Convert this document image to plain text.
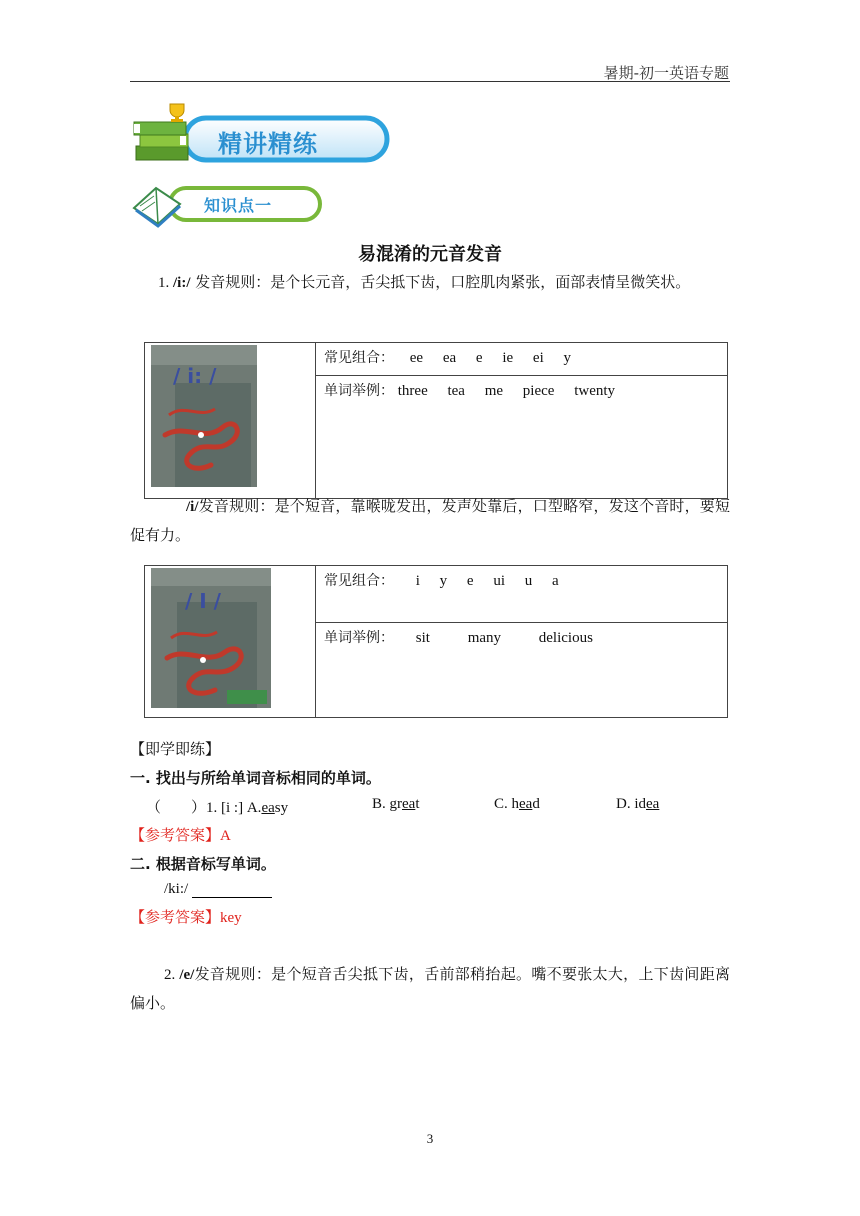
暑期-初一英语专题
精讲精练
知识点一
易混淆的元音发音
1. /i:/ 发音规则：是个长元音，舌尖抵下齿，口腔肌肉紧张，面部表情呈微笑状。
/ i: /
	常见组合： ee ea e ie ei y
单词举例： three tea me piece twenty
/i/发音规则：是个短音，靠喉咙发出，发声处靠后，口型略窄，发这个音时，要短促有力。
/ I /
	常见组合： i y e ui u a
单词举例： sit	many	delicious
【即学即练】
一. 找出与所给单词音标相同的单词。
（　　）1. [i :] A.easy	B. great	C. head	D. idea
【参考答案】A
二. 根据音标写单词。
/ki:/
【参考答案】key
2. /e/发音规则：是个短音舌尖抵下齿，舌前部稍抬起。嘴不要张太大，上下齿间距离偏小。
3
